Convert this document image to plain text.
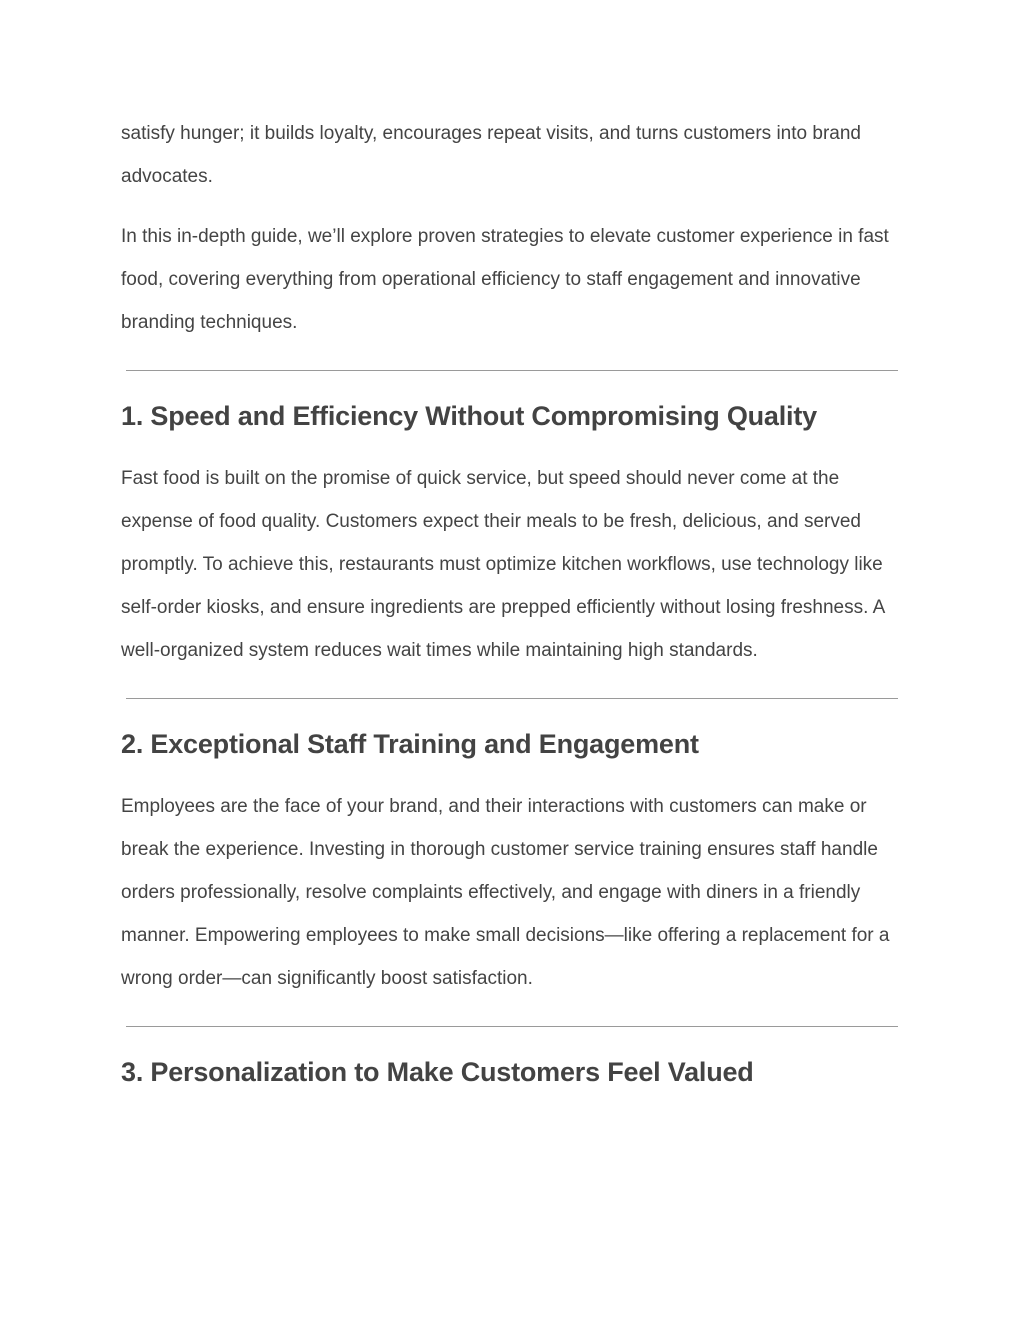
satisfy hunger; it builds loyalty, encourages repeat visits, and turns customers into brand advocates.

In this in-depth guide, we’ll explore proven strategies to elevate customer experience in fast food, covering everything from operational efficiency to staff engagement and innovative branding techniques.

1. Speed and Efficiency Without Compromising Quality

Fast food is built on the promise of quick service, but speed should never come at the expense of food quality. Customers expect their meals to be fresh, delicious, and served promptly. To achieve this, restaurants must optimize kitchen workflows, use technology like self-order kiosks, and ensure ingredients are prepped efficiently without losing freshness. A well-organized system reduces wait times while maintaining high standards.

2. Exceptional Staff Training and Engagement

Employees are the face of your brand, and their interactions with customers can make or break the experience. Investing in thorough customer service training ensures staff handle orders professionally, resolve complaints effectively, and engage with diners in a friendly manner. Empowering employees to make small decisions—like offering a replacement for a wrong order—can significantly boost satisfaction.

3. Personalization to Make Customers Feel Valued
